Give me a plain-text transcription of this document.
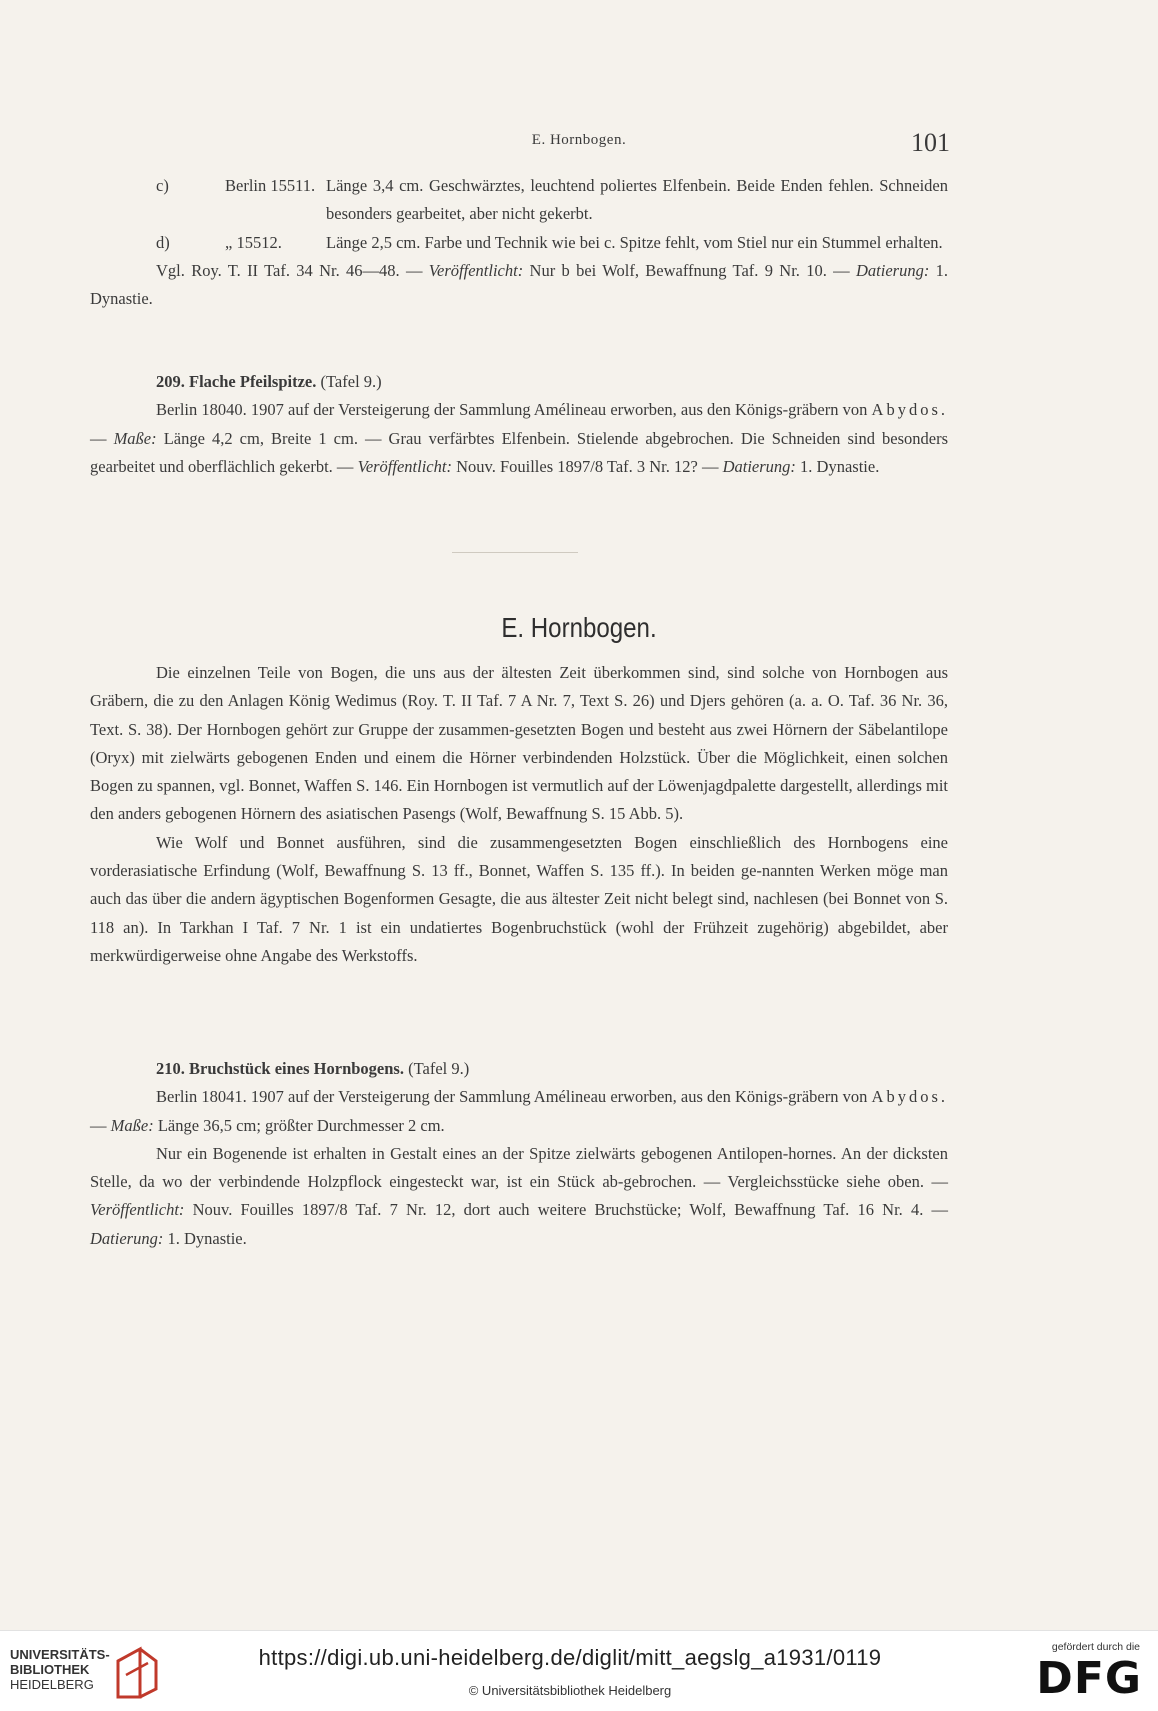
E. Hornbogen.	101
c)	Berlin 15511. Länge 3,4 cm. Geschwärztes, leuchtend poliertes Elfenbein. Beide Enden fehlen. Schneiden besonders gearbeitet, aber nicht gekerbt.

d)	„ 15512.	Länge 2,5 cm. Farbe und Technik wie bei c. Spitze fehlt, vom Stiel nur ein Stummel erhalten.

Vgl. Roy. T. II Taf. 34 Nr. 46—48. — Veröffentlicht: Nur b bei Wolf, Bewaffnung Taf. 9 Nr. 10. — Datierung: 1. Dynastie.

209. Flache Pfeilspitze. (Tafel 9.)

Berlin 18040. 1907 auf der Versteigerung der Sammlung Amélineau erworben, aus den Königs-gräbern von Abydos. — Maße: Länge 4,2 cm, Breite 1 cm. — Grau verfärbtes Elfenbein. Stielende abgebrochen. Die Schneiden sind besonders gearbeitet und oberflächlich gekerbt. — Veröffentlicht: Nouv. Fouilles 1897/8 Taf. 3 Nr. 12? — Datierung: 1. Dynastie.

E. Hornbogen.

Die einzelnen Teile von Bogen, die uns aus der ältesten Zeit überkommen sind, sind solche von Hornbogen aus Gräbern, die zu den Anlagen König Wedimus (Roy. T. II Taf. 7 A Nr. 7, Text S. 26) und Djers gehören (a. a. O. Taf. 36 Nr. 36, Text. S. 38). Der Hornbogen gehört zur Gruppe der zusammen-gesetzten Bogen und besteht aus zwei Hörnern der Säbelantilope (Oryx) mit zielwärts gebogenen Enden und einem die Hörner verbindenden Holzstück. Über die Möglichkeit, einen solchen Bogen zu spannen, vgl. Bonnet, Waffen S. 146. Ein Hornbogen ist vermutlich auf der Löwenjagdpalette dargestellt, allerdings mit den anders gebogenen Hörnern des asiatischen Pasengs (Wolf, Bewaffnung S. 15 Abb. 5).

Wie Wolf und Bonnet ausführen, sind die zusammengesetzten Bogen einschließlich des Hornbogens eine vorderasiatische Erfindung (Wolf, Bewaffnung S. 13 ff., Bonnet, Waffen S. 135 ff.). In beiden ge-nannten Werken möge man auch das über die andern ägyptischen Bogenformen Gesagte, die aus ältester Zeit nicht belegt sind, nachlesen (bei Bonnet von S. 118 an). In Tarkhan I Taf. 7 Nr. 1 ist ein undatiertes Bogenbruchstück (wohl der Frühzeit zugehörig) abgebildet, aber merkwürdigerweise ohne Angabe des Werkstoffs.

210. Bruchstück eines Hornbogens. (Tafel 9.)

Berlin 18041. 1907 auf der Versteigerung der Sammlung Amélineau erworben, aus den Königs-gräbern von Abydos. — Maße: Länge 36,5 cm; größter Durchmesser 2 cm.

Nur ein Bogenende ist erhalten in Gestalt eines an der Spitze zielwärts gebogenen Antilopen-hornes. An der dicksten Stelle, da wo der verbindende Holzpflock eingesteckt war, ist ein Stück ab-gebrochen. — Vergleichsstücke siehe oben. — Veröffentlicht: Nouv. Fouilles 1897/8 Taf. 7 Nr. 12, dort auch weitere Bruchstücke; Wolf, Bewaffnung Taf. 16 Nr. 4. — Datierung: 1. Dynastie.

UNIVERSITÄTS-
BIBLIOTHEK
HEIDELBERG
https://digi.ub.uni-heidelberg.de/diglit/mitt_aegslg_a1931/0119
© Universitätsbibliothek Heidelberg
gefördert durch die
DFG
